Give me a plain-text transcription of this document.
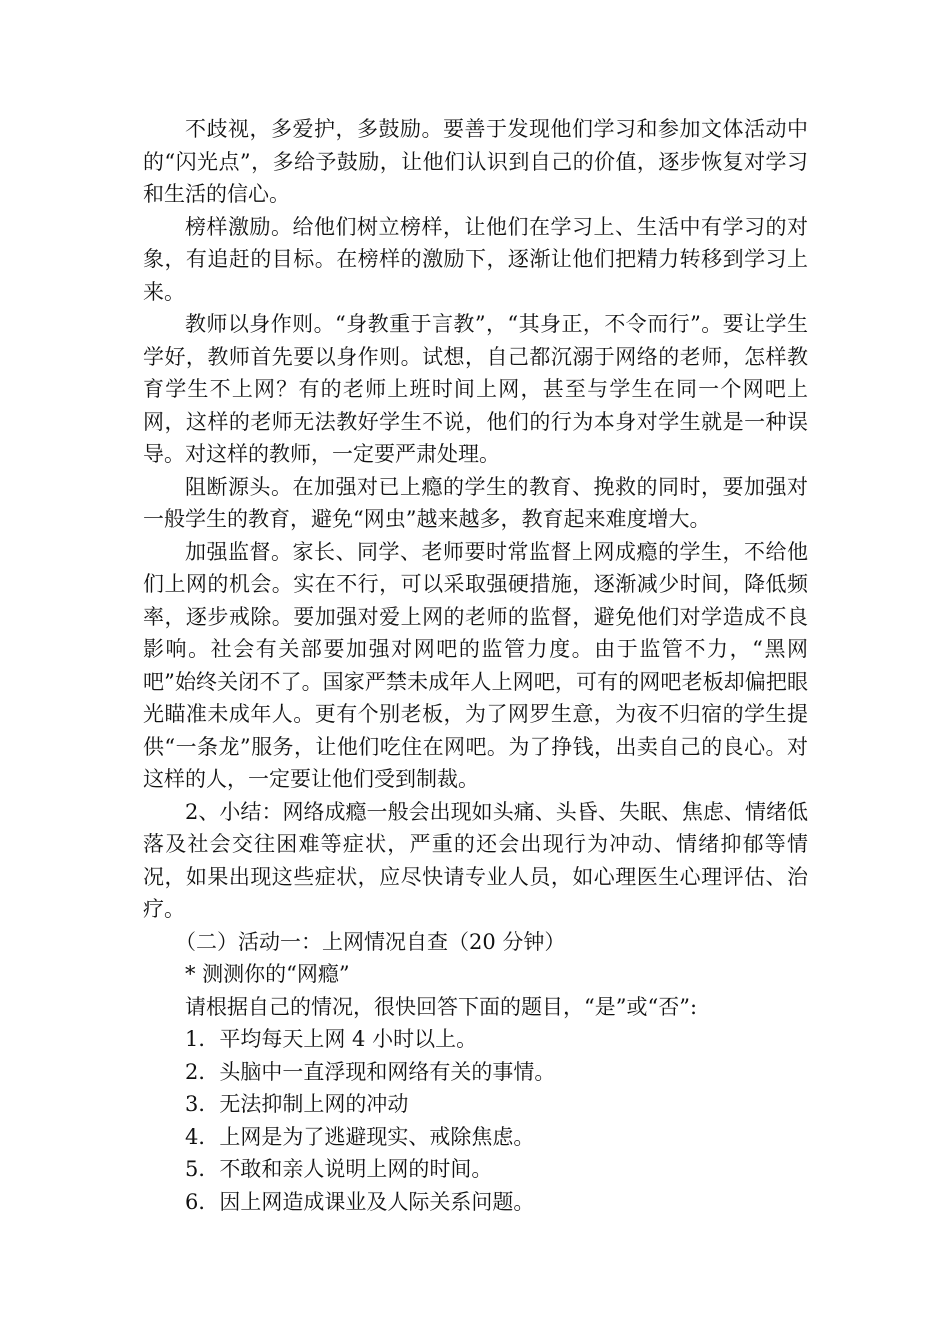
不歧视，多爱护，多鼓励。要善于发现他们学习和参加文体活动中的“闪光点”，多给予鼓励，让他们认识到自己的价值，逐步恢复对学习和生活的信心。

榜样激励。给他们树立榜样，让他们在学习上、生活中有学习的对象，有追赶的目标。在榜样的激励下，逐渐让他们把精力转移到学习上来。

教师以身作则。“身教重于言教”，“其身正，不令而行”。要让学生学好，教师首先要以身作则。试想，自己都沉溺于网络的老师，怎样教育学生不上网？有的老师上班时间上网，甚至与学生在同一个网吧上网，这样的老师无法教好学生不说，他们的行为本身对学生就是一种误导。对这样的教师，一定要严肃处理。

阻断源头。在加强对已上瘾的学生的教育、挽救的同时，要加强对一般学生的教育，避免“网虫”越来越多，教育起来难度增大。

加强监督。家长、同学、老师要时常监督上网成瘾的学生，不给他们上网的机会。实在不行，可以采取强硬措施，逐渐减少时间，降低频率，逐步戒除。要加强对爱上网的老师的监督，避免他们对学造成不良影响。社会有关部要加强对网吧的监管力度。由于监管不力，“黑网吧”始终关闭不了。国家严禁未成年人上网吧，可有的网吧老板却偏把眼光瞄准未成年人。更有个别老板，为了网罗生意，为夜不归宿的学生提供“一条龙”服务，让他们吃住在网吧。为了挣钱，出卖自己的良心。对这样的人，一定要让他们受到制裁。

2、小结：网络成瘾一般会出现如头痛、头昏、失眠、焦虑、情绪低落及社会交往困难等症状，严重的还会出现行为冲动、情绪抑郁等情况，如果出现这些症状，应尽快请专业人员，如心理医生心理评估、治疗。

（二）活动一：上网情况自查（20 分钟）

* 测测你的“网瘾”

请根据自己的情况，很快回答下面的题目，“是”或“否”:

1．平均每天上网 4 小时以上。

2．头脑中一直浮现和网络有关的事情。

3．无法抑制上网的冲动

4．上网是为了逃避现实、戒除焦虑。

5．不敢和亲人说明上网的时间。

6．因上网造成课业及人际关系问题。
